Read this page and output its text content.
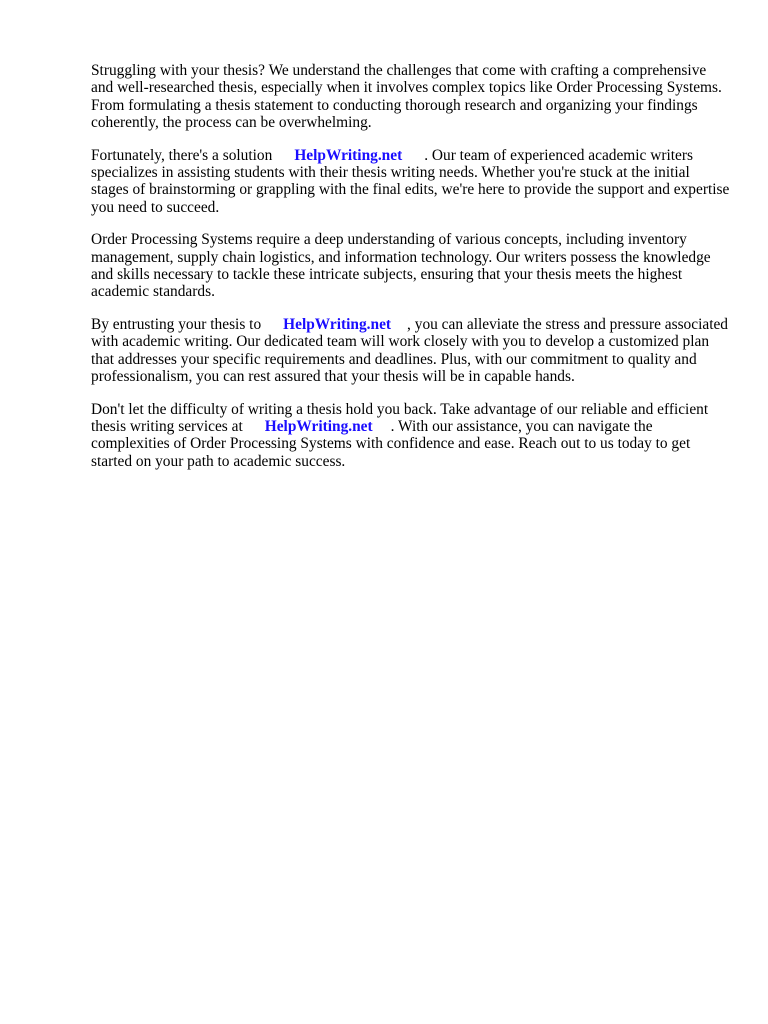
Struggling with your thesis? We understand the challenges that come with crafting a comprehensive and well-researched thesis, especially when it involves complex topics like Order Processing Systems. From formulating a thesis statement to conducting thorough research and organizing your findings coherently, the process can be overwhelming.

Fortunately, there's a solution HelpWriting.net . Our team of experienced academic writers specializes in assisting students with their thesis writing needs. Whether you're stuck at the initial stages of brainstorming or grappling with the final edits, we're here to provide the support and expertise you need to succeed.

Order Processing Systems require a deep understanding of various concepts, including inventory management, supply chain logistics, and information technology. Our writers possess the knowledge and skills necessary to tackle these intricate subjects, ensuring that your thesis meets the highest academic standards.

By entrusting your thesis to HelpWriting.net , you can alleviate the stress and pressure associated with academic writing. Our dedicated team will work closely with you to develop a customized plan that addresses your specific requirements and deadlines. Plus, with our commitment to quality and professionalism, you can rest assured that your thesis will be in capable hands.

Don't let the difficulty of writing a thesis hold you back. Take advantage of our reliable and efficient thesis writing services at HelpWriting.net . With our assistance, you can navigate the complexities of Order Processing Systems with confidence and ease. Reach out to us today to get started on your path to academic success.
